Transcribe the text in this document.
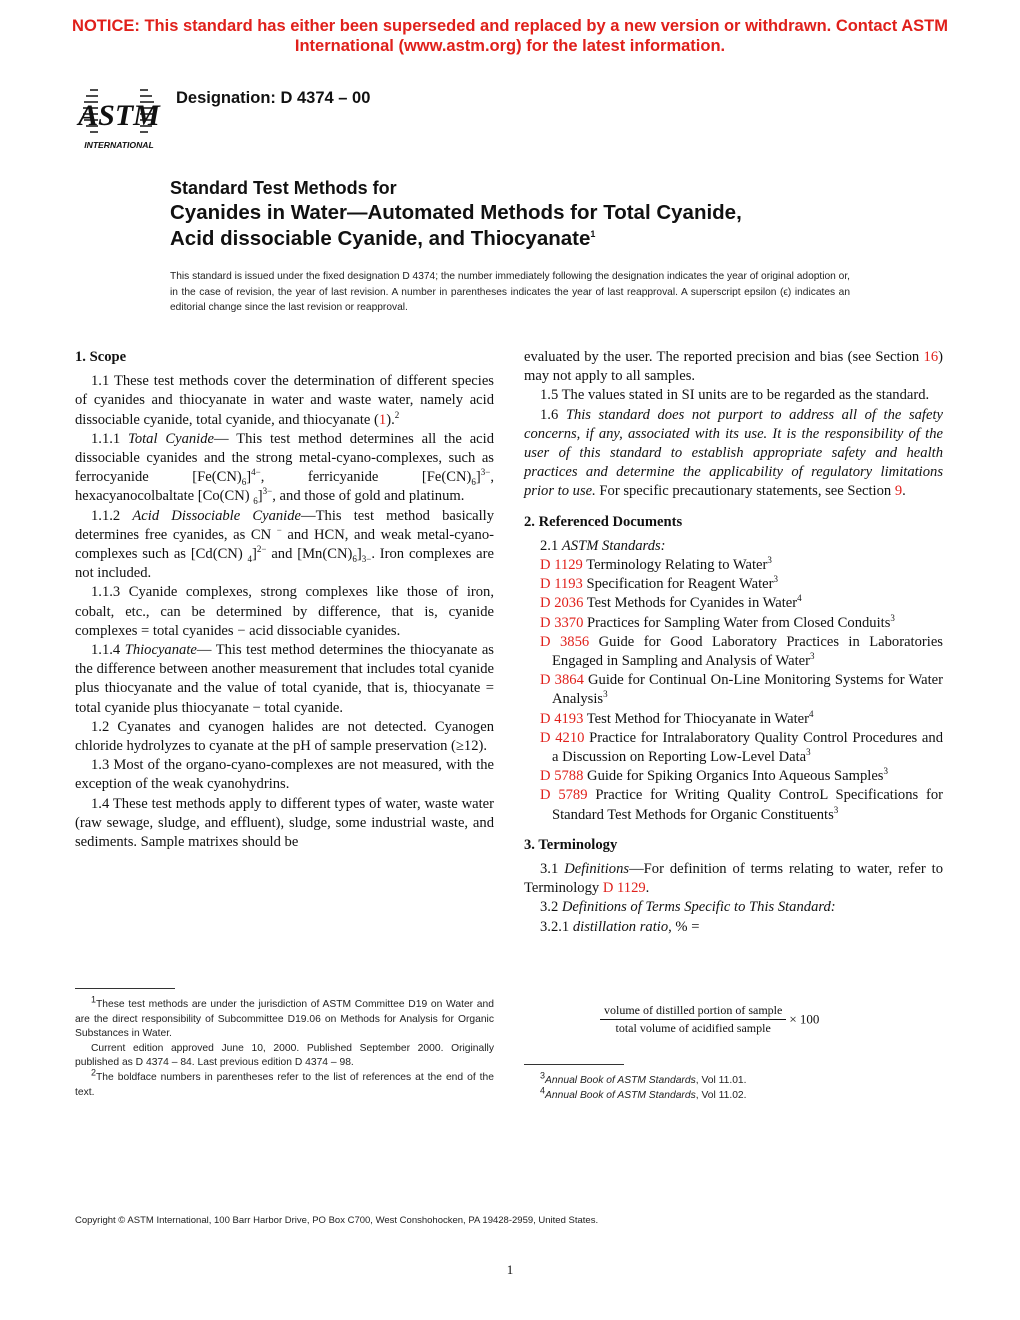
NOTICE: This standard has either been superseded and replaced by a new version or withdrawn. Contact ASTM
International (www.astm.org) for the latest information.
ASTM
INTERNATIONAL
Designation: D 4374 – 00
Standard Test Methods for
Cyanides in Water—Automated Methods for Total Cyanide,
Acid dissociable Cyanide, and Thiocyanate$^1$
This standard is issued under the fixed designation D 4374; the number immediately following the designation indicates the year of original adoption or, in the case of revision, the year of last revision. A number in parentheses indicates the year of last reapproval. A superscript epsilon (ϵ) indicates an editorial change since the last revision or reapproval.
1. Scope

1.1 These test methods cover the determination of different species of cyanides and thiocyanate in water and waste water, namely acid dissociable cyanide, total cyanide, and thiocyanate (1).$^2$

1.1.1 Total Cyanide— This test method determines all the acid dissociable cyanides and the strong metal-cyano-complexes, such as ferrocyanide $[Fe(CN)_6]^{4-}$, ferricyanide $[Fe(CN)_6]^{3-}$, hexacyanocolbaltate [Co(CN) $_6$]$^{3-}$, and those of gold and platinum.

1.1.2 Acid Dissociable Cyanide—This test method basically determines free cyanides, as CN − and HCN, and weak metal-cyano-complexes such as [Cd(CN) $_4$]$^{2-}$ and $[Mn(CN)_6]_{3-}$. Iron complexes are not included.

1.1.3 Cyanide complexes, strong complexes like those of iron, cobalt, etc., can be determined by difference, that is, cyanide complexes = total cyanides − acid dissociable cyanides.

1.1.4 Thiocyanate— This test method determines the thiocyanate as the difference between another measurement that includes total cyanide plus thiocyanate and the value of total cyanide, that is, thiocyanate = total cyanide plus thiocyanate − total cyanide.

1.2 Cyanates and cyanogen halides are not detected. Cyanogen chloride hydrolyzes to cyanate at the pH of sample preservation (≥12).

1.3 Most of the organo-cyano-complexes are not measured, with the exception of the weak cyanohydrins.

1.4 These test methods apply to different types of water, waste water (raw sewage, sludge, and effluent), sludge, some industrial waste, and sediments. Sample matrixes should be

$^1$These test methods are under the jurisdiction of ASTM Committee D19 on Water and are the direct responsibility of Subcommittee D19.06 on Methods for Analysis for Organic Substances in Water.

Current edition approved June 10, 2000. Published September 2000. Originally published as D 4374 – 84. Last previous edition D 4374 – 98.

$^2$The boldface numbers in parentheses refer to the list of references at the end of the text.

evaluated by the user. The reported precision and bias (see Section 16) may not apply to all samples.

1.5 The values stated in SI units are to be regarded as the standard.

1.6 This standard does not purport to address all of the safety concerns, if any, associated with its use. It is the responsibility of the user of this standard to establish appropriate safety and health practices and determine the applicability of regulatory limitations prior to use. For specific precautionary statements, see Section 9.

2. Referenced Documents

2.1 ASTM Standards:

D 1129 Terminology Relating to Water$^3$

D 1193 Specification for Reagent Water$^3$

D 2036 Test Methods for Cyanides in Water$^4$

D 3370 Practices for Sampling Water from Closed Conduits$^3$

D 3856 Guide for Good Laboratory Practices in Laboratories Engaged in Sampling and Analysis of Water$^3$

D 3864 Guide for Continual On-Line Monitoring Systems for Water Analysis$^3$

D 4193 Test Method for Thiocyanate in Water$^4$

D 4210 Practice for Intralaboratory Quality Control Procedures and a Discussion on Reporting Low-Level Data$^3$

D 5788 Guide for Spiking Organics Into Aqueous Samples$^3$

D 5789 Practice for Writing Quality ControL Specifications for Standard Test Methods for Organic Constituents$^3$

3. Terminology

3.1 Definitions—For definition of terms relating to water, refer to Terminology D 1129.

3.2 Definitions of Terms Specific to This Standard:

3.2.1 distillation ratio, % =

$\frac{\text{volume of distilled portion of sample}}{\text{total volume of acidified sample}} \times 100$

$^3$Annual Book of ASTM Standards, Vol 11.01.

$^4$Annual Book of ASTM Standards, Vol 11.02.

Copyright © ASTM International, 100 Barr Harbor Drive, PO Box C700, West Conshohocken, PA 19428-2959, United States.
1
